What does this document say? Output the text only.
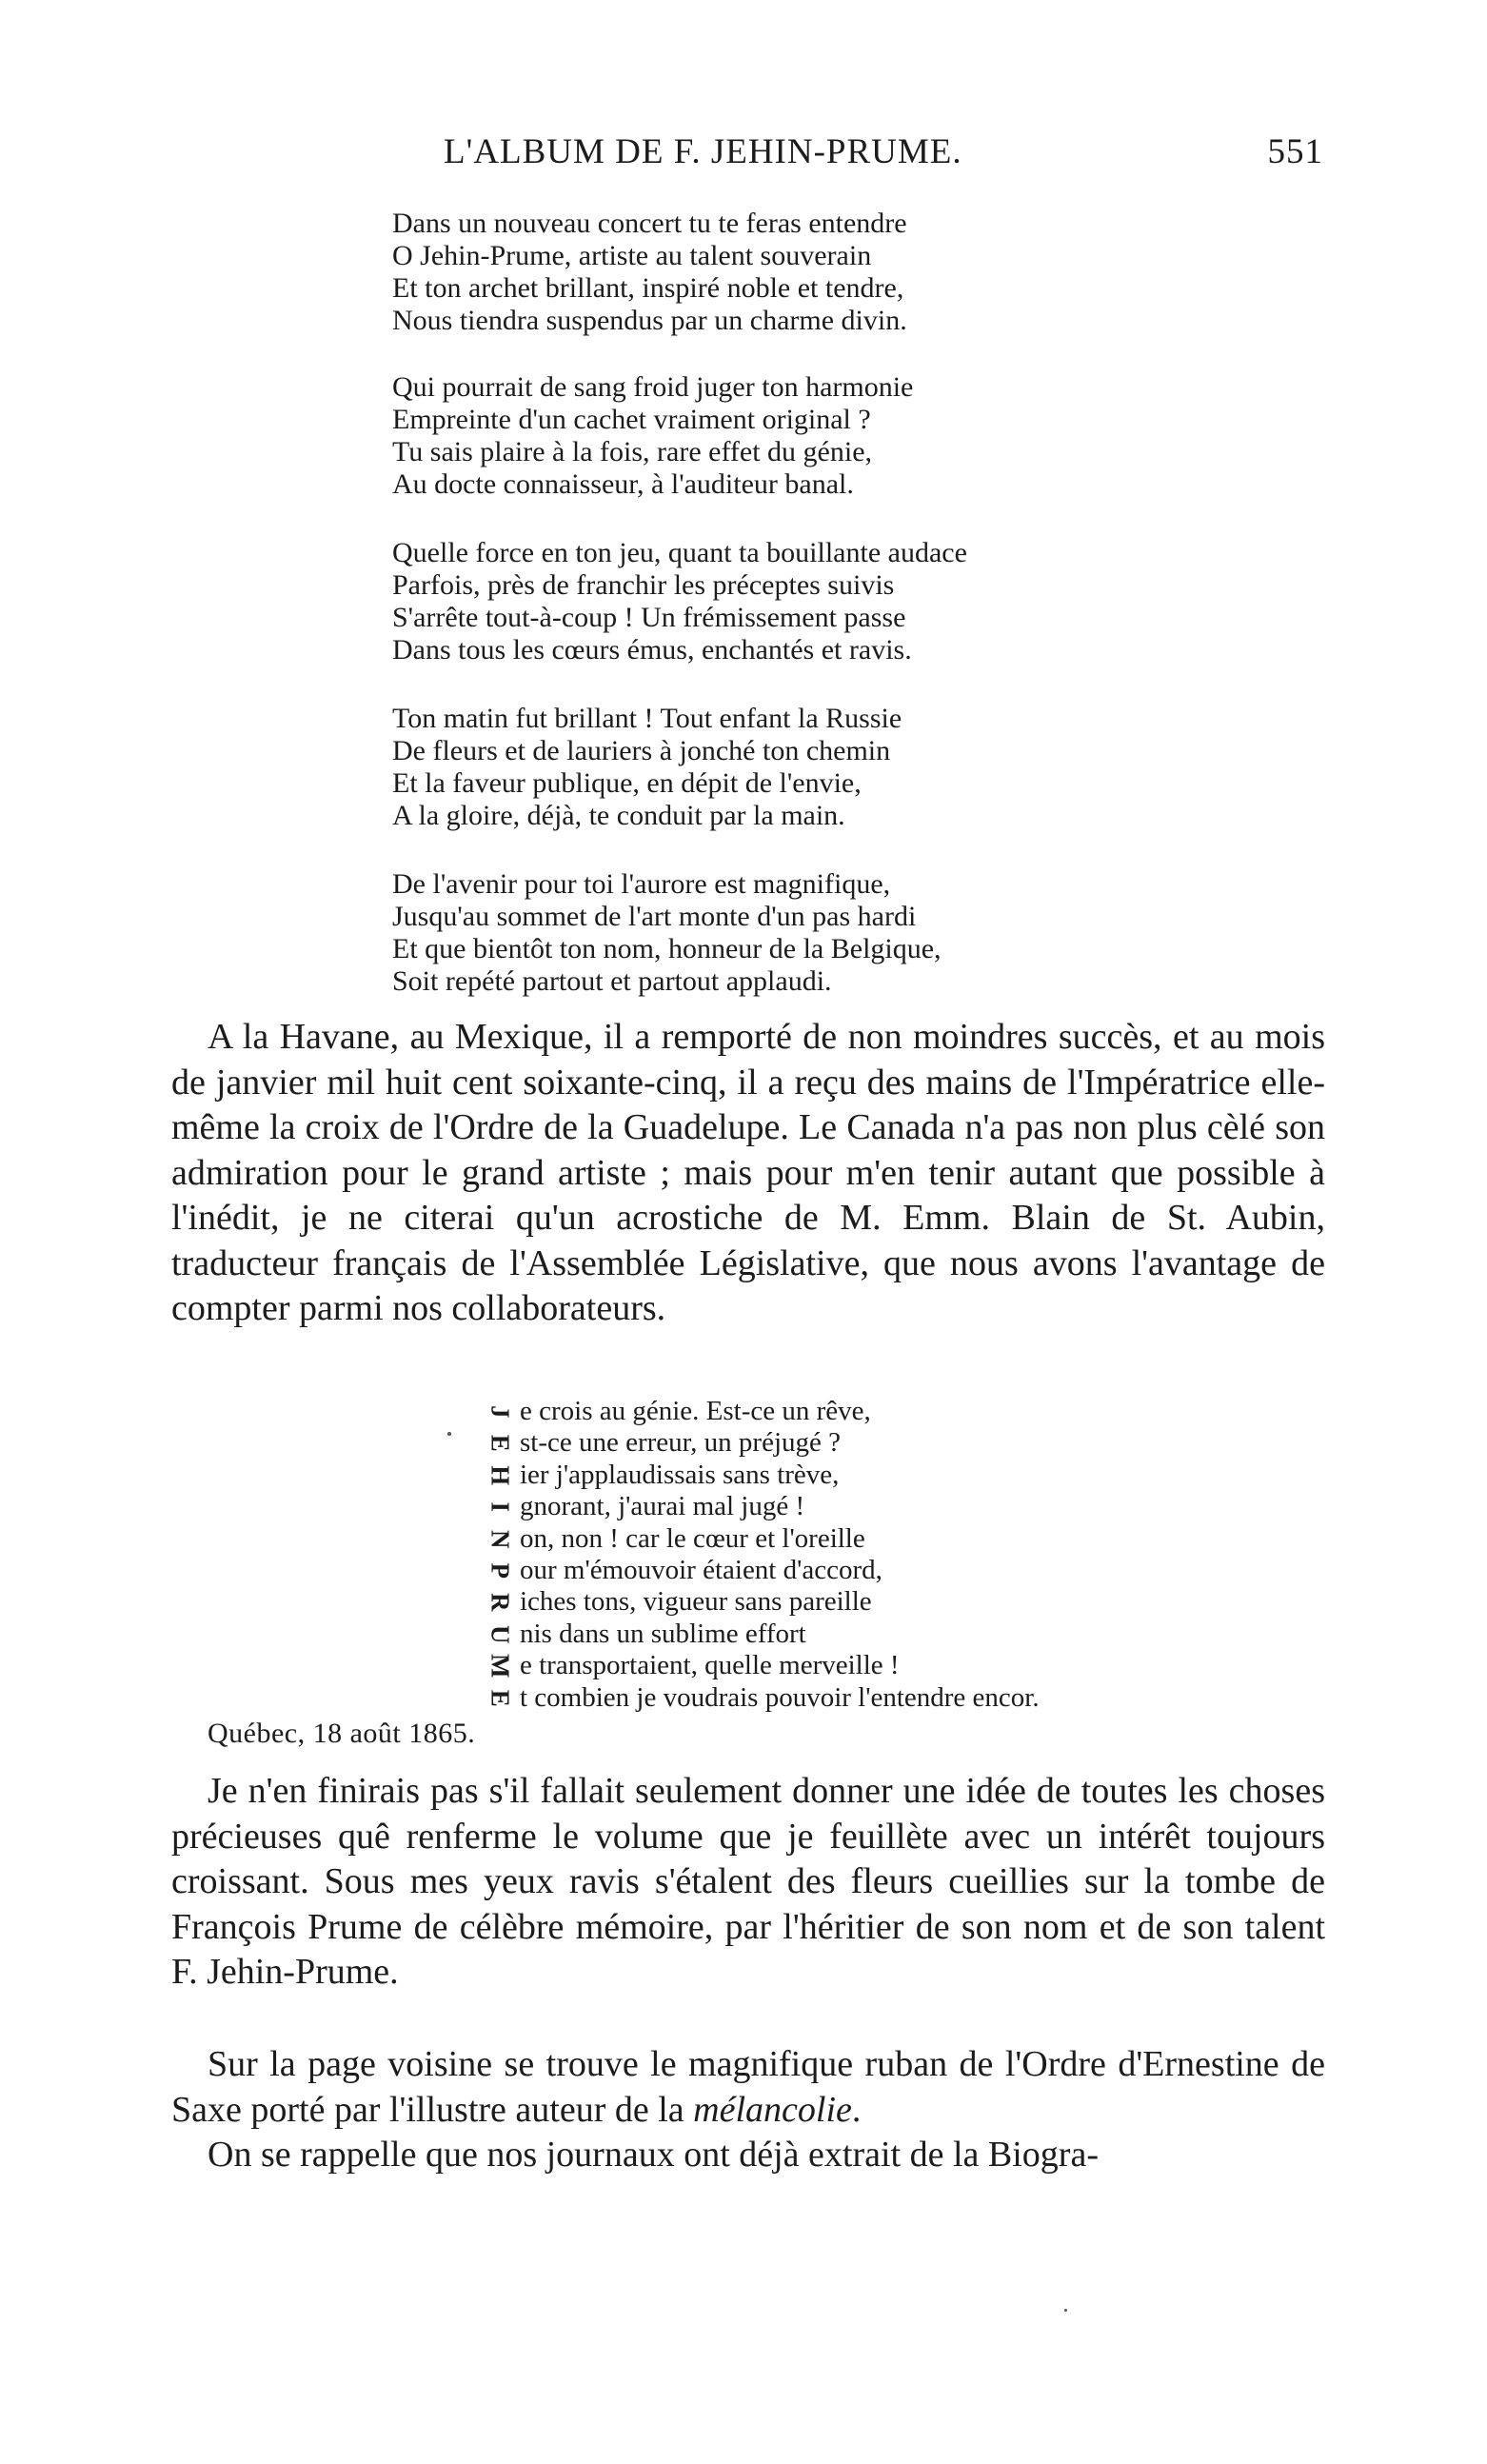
L'ALBUM DE F. JEHIN-PRUME.	551
Dans un nouveau concert tu te feras entendre
O Jehin-Prume, artiste au talent souverain
Et ton archet brillant, inspiré noble et tendre,
Nous tiendra suspendus par un charme divin.
Qui pourrait de sang froid juger ton harmonie
Empreinte d'un cachet vraiment original ?
Tu sais plaire à la fois, rare effet du génie,
Au docte connaisseur, à l'auditeur banal.
Quelle force en ton jeu, quant ta bouillante audace
Parfois, près de franchir les préceptes suivis
S'arrête tout-à-coup ! Un frémissement passe
Dans tous les cœurs émus, enchantés et ravis.
Ton matin fut brillant ! Tout enfant la Russie
De fleurs et de lauriers à jonché ton chemin
Et la faveur publique, en dépit de l'envie,
A la gloire, déjà, te conduit par la main.
De l'avenir pour toi l'aurore est magnifique,
Jusqu'au sommet de l'art monte d'un pas hardi
Et que bientôt ton nom, honneur de la Belgique,
Soit repété partout et partout applaudi.

A la Havane, au Mexique, il a remporté de non moindres succès, et au mois de janvier mil huit cent soixante-cinq, il a reçu des mains de l'Impératrice elle-même la croix de l'Ordre de la Guadelupe. Le Canada n'a pas non plus cèlé son admiration pour le grand artiste ; mais pour m'en tenir autant que possible à l'inédit, je ne citerai qu'un acrostiche de M. Emm. Blain de St. Aubin, traducteur français de l'Assemblée Législative, que nous avons l'avantage de compter parmi nos collaborateurs.

J e crois au génie. Est-ce un rêve,
E st-ce une erreur, un préjugé ?
H ier j'applaudissais sans trève,
I gnorant, j'aurai mal jugé !
N on, non ! car le cœur et l'oreille
P our m'émouvoir étaient d'accord,
R iches tons, vigueur sans pareille
U nis dans un sublime effort
M e transportaient, quelle merveille !
E t combien je voudrais pouvoir l'entendre encor.
Québec, 18 août 1865.

Je n'en finirais pas s'il fallait seulement donner une idée de toutes les choses précieuses quê renferme le volume que je feuillète avec un intérêt toujours croissant. Sous mes yeux ravis s'étalent des fleurs cueillies sur la tombe de François Prume de célèbre mémoire, par l'héritier de son nom et de son talent F. Jehin-Prume.

Sur la page voisine se trouve le magnifique ruban de l'Ordre d'Ernestine de Saxe porté par l'illustre auteur de la mélancolie.

On se rappelle que nos journaux ont déjà extrait de la Biogra-
